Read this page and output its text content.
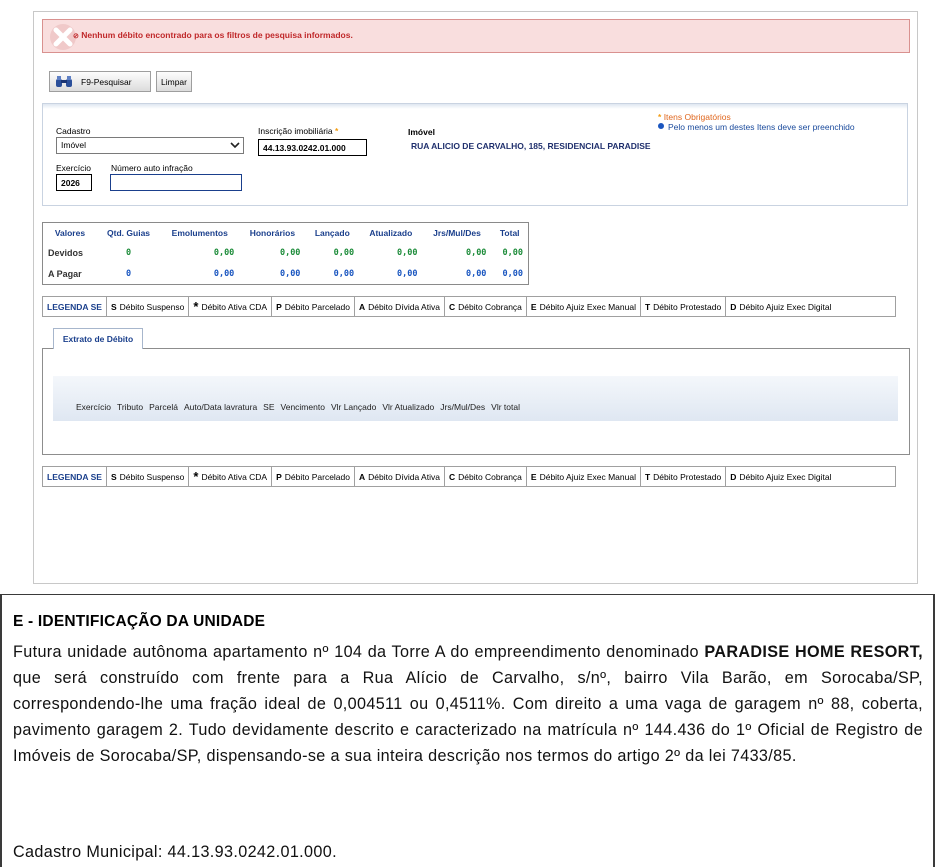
⊘ Nenhum débito encontrado para os filtros de pesquisa informados.
F9-Pesquisar	Limpar
Cadastro
Imóvel
Inscrição imobiliária *
44.13.93.0242.01.000
Imóvel
RUA ALICIO DE CARVALHO, 185, RESIDENCIAL PARADISE
Exercício
2026
Número auto infração
* Itens Obrigatórios
Pelo menos um destes Itens deve ser preenchido
Valores	Qtd. Guias	Emolumentos	Honorários	Lançado	Atualizado	Jrs/Mul/Des	Total
Devidos	0	0,00	0,00	0,00	0,00	0,00	0,00
A Pagar	0	0,00	0,00	0,00	0,00	0,00	0,00
LEGENDA SE	S Débito Suspenso * Débito Ativa CDA P Débito Parcelado A Débito Dívida Ativa C Débito Cobrança E Débito Ajuiz Exec Manual T Débito Protestado D Débito Ajuiz Exec Digital
Extrato de Débito
Exercício Tributo Parcelá Auto/Data lavratura SE Vencimento Vlr Lançado Vlr Atualizado Jrs/Mul/Des Vlr total
LEGENDA SE	S Débito Suspenso * Débito Ativa CDA P Débito Parcelado A Débito Dívida Ativa C Débito Cobrança E Débito Ajuiz Exec Manual T Débito Protestado D Débito Ajuiz Exec Digital
E - IDENTIFICAÇÃO DA UNIDADE
Futura unidade autônoma apartamento nº 104 da Torre A do empreendimento denominado PARADISE HOME RESORT, que será construído com frente para a Rua Alício de Carvalho, s/nº, bairro Vila Barão, em Sorocaba/SP, correspondendo-lhe uma fração ideal de 0,004511 ou 0,4511%. Com direito a uma vaga de garagem nº 88, coberta, pavimento garagem 2. Tudo devidamente descrito e caracterizado na matrícula nº 144.436 do 1º Oficial de Registro de Imóveis de Sorocaba/SP, dispensando-se a sua inteira descrição nos termos do artigo 2º da lei 7433/85.
Cadastro Municipal: 44.13.93.0242.01.000.
